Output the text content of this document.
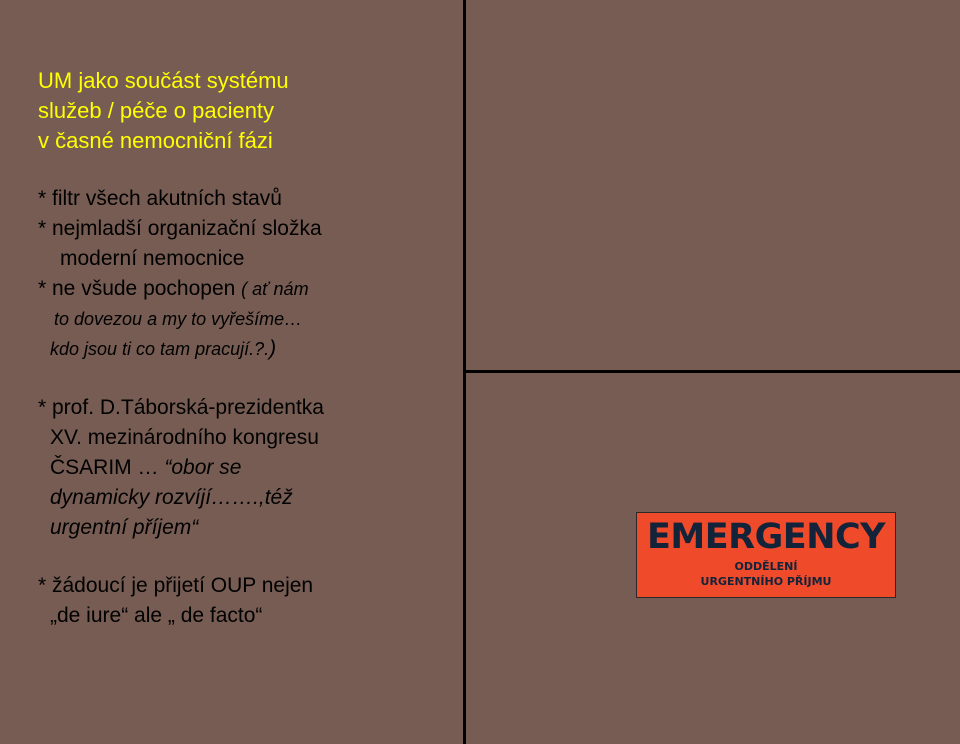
UM jako součást systému
služeb / péče o pacienty
v časné nemocniční fázi
* filtr všech akutních stavů
* nejmladší organizační složka
moderní nemocnice
* ne všude pochopen ( ať nám
to dovezou a my to vyřešíme…
kdo jsou ti co tam pracují.?.)
* prof. D.Táborská-prezidentka
XV. mezinárodního kongresu
ČSARIM … “obor se
dynamicky rozvíjí…….,též
urgentní příjem“
* žádoucí je přijetí OUP nejen
„de iure“ ale „ de facto“
EMERGENCY
ODDĚLENÍ
URGENTNÍHO PŘÍJMU
